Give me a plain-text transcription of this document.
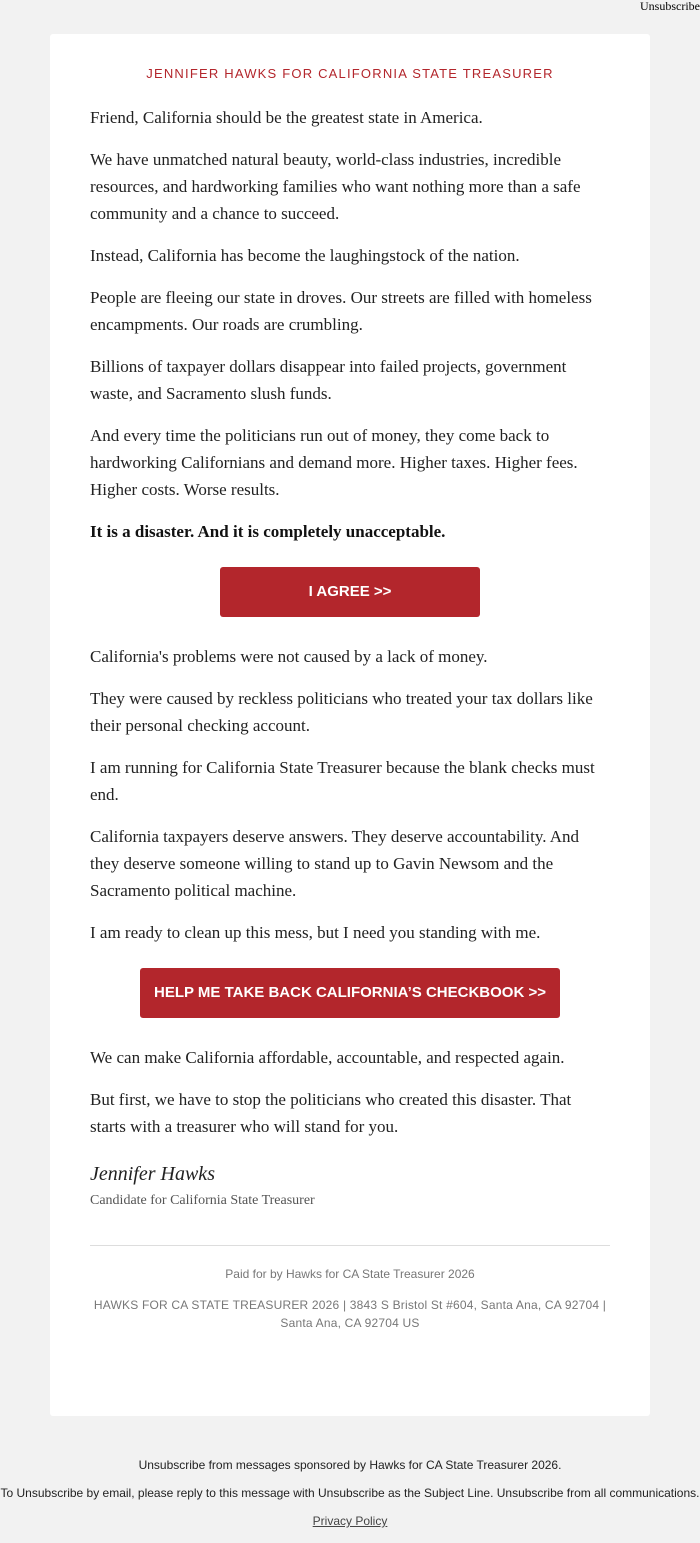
Unsubscribe
JENNIFER HAWKS FOR CALIFORNIA STATE TREASURER

Friend, California should be the greatest state in America.

We have unmatched natural beauty, world-class industries, incredible resources, and hardworking families who want nothing more than a safe community and a chance to succeed.

Instead, California has become the laughingstock of the nation.

People are fleeing our state in droves. Our streets are filled with homeless encampments. Our roads are crumbling.

Billions of taxpayer dollars disappear into failed projects, government waste, and Sacramento slush funds.

And every time the politicians run out of money, they come back to hardworking Californians and demand more. Higher taxes. Higher fees. Higher costs. Worse results.

It is a disaster. And it is completely unacceptable.

I AGREE >>

California's problems were not caused by a lack of money.

They were caused by reckless politicians who treated your tax dollars like their personal checking account.

I am running for California State Treasurer because the blank checks must end.

California taxpayers deserve answers. They deserve accountability. And they deserve someone willing to stand up to Gavin Newsom and the Sacramento political machine.

I am ready to clean up this mess, but I need you standing with me.

HELP ME TAKE BACK CALIFORNIA’S CHECKBOOK >>

We can make California affordable, accountable, and respected again.

But first, we have to stop the politicians who created this disaster. That starts with a treasurer who will stand for you.

Jennifer Hawks
Candidate for California State Treasurer
Paid for by Hawks for CA State Treasurer 2026
HAWKS FOR CA STATE TREASURER 2026 | 3843 S Bristol St #604, Santa Ana, CA 92704 | Santa Ana, CA 92704 US
Unsubscribe from messages sponsored by Hawks for CA State Treasurer 2026.
To Unsubscribe by email, please reply to this message with Unsubscribe as the Subject Line. Unsubscribe from all communications.
Privacy Policy
